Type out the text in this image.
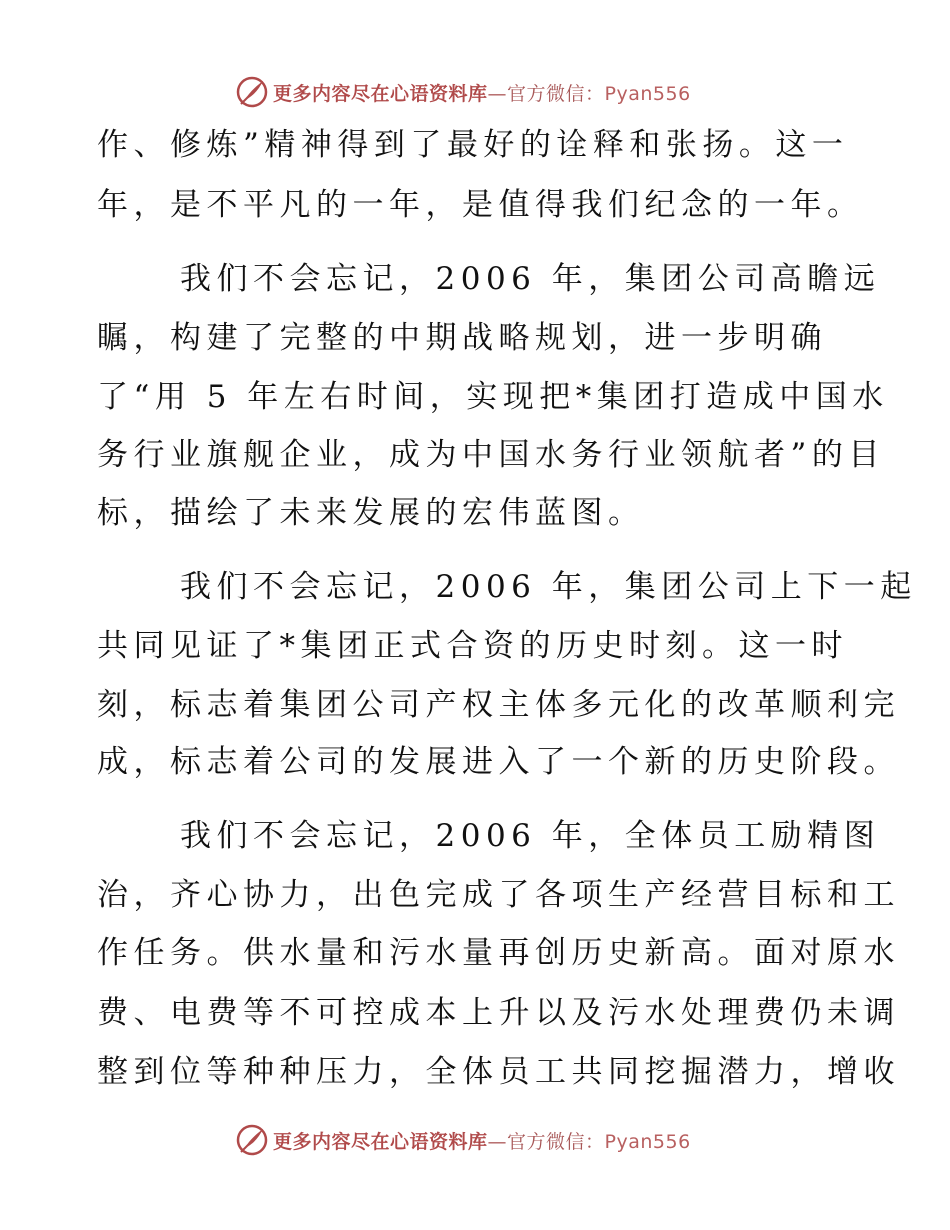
更多内容尽在心语资料库—官方微信：Pyan556
作、修炼”精神得到了最好的诠释和张扬。这一
年，是不平凡的一年，是值得我们纪念的一年。
我们不会忘记，2006 年，集团公司高瞻远
瞩，构建了完整的中期战略规划，进一步明确
了“用 5 年左右时间，实现把*集团打造成中国水
务行业旗舰企业，成为中国水务行业领航者”的目
标，描绘了未来发展的宏伟蓝图。
我们不会忘记，2006 年，集团公司上下一起
共同见证了*集团正式合资的历史时刻。这一时
刻，标志着集团公司产权主体多元化的改革顺利完
成，标志着公司的发展进入了一个新的历史阶段。
我们不会忘记，2006 年，全体员工励精图
治，齐心协力，出色完成了各项生产经营目标和工
作任务。供水量和污水量再创历史新高。面对原水
费、电费等不可控成本上升以及污水处理费仍未调
整到位等种种压力，全体员工共同挖掘潜力，增收
更多内容尽在心语资料库—官方微信：Pyan556
